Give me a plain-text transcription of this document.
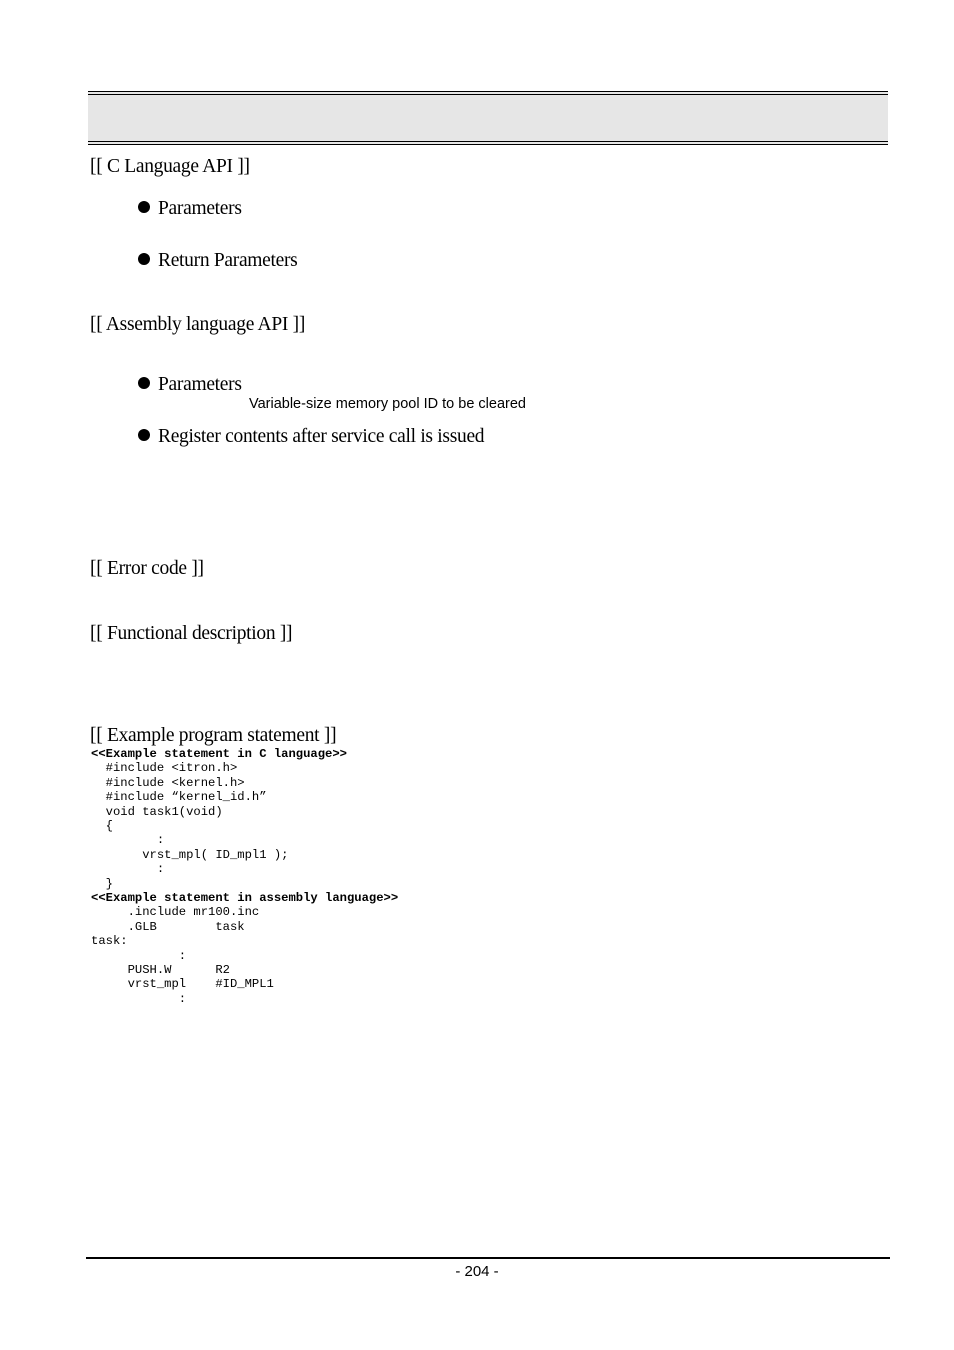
[[ C Language API ]]
Parameters
Return Parameters
[[ Assembly language API ]]
Parameters
Variable-size memory pool ID to be cleared
Register contents after service call is issued
[[ Error code ]]
[[ Functional description ]]
[[ Example program statement ]]
<<Example statement in C language>>
#include <itron.h>
#include <kernel.h>
#include “kernel_id.h”
void task1(void)
{
:
vrst_mpl( ID_mpl1 );
:
}
<<Example statement in assembly language>>
.include mr100.inc
.GLB        task
task:
:
PUSH.W      R2
vrst_mpl    #ID_MPL1
:
- 204 -
